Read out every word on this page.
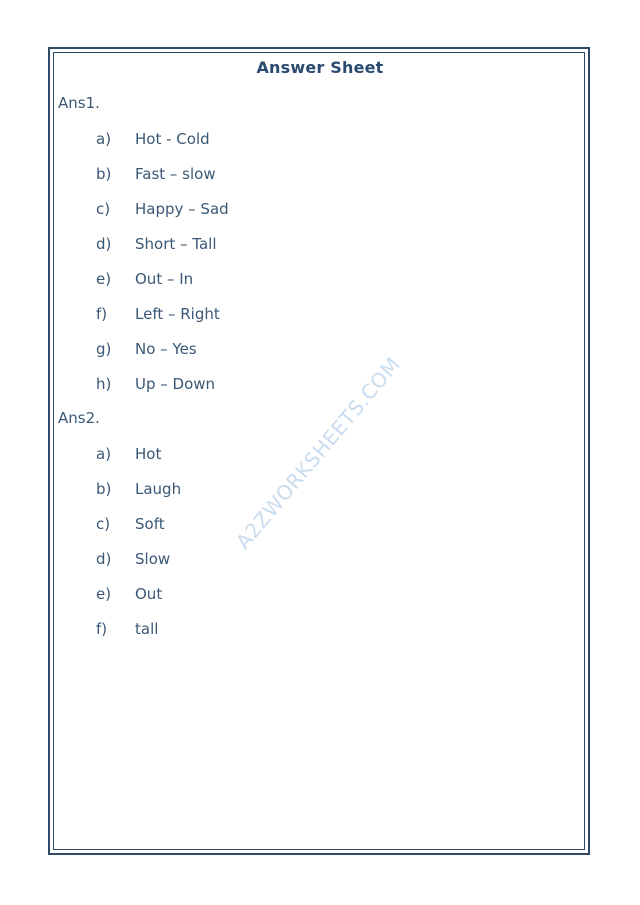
Answer Sheet
A2ZWORKSHEETS.COM
Ans1.
a) Hot - Cold
b) Fast – slow
c) Happy – Sad
d) Short – Tall
e) Out – In
f) Left – Right
g) No – Yes
h) Up – Down
Ans2.
a) Hot
b) Laugh
c) Soft
d) Slow
e) Out
f) tall
